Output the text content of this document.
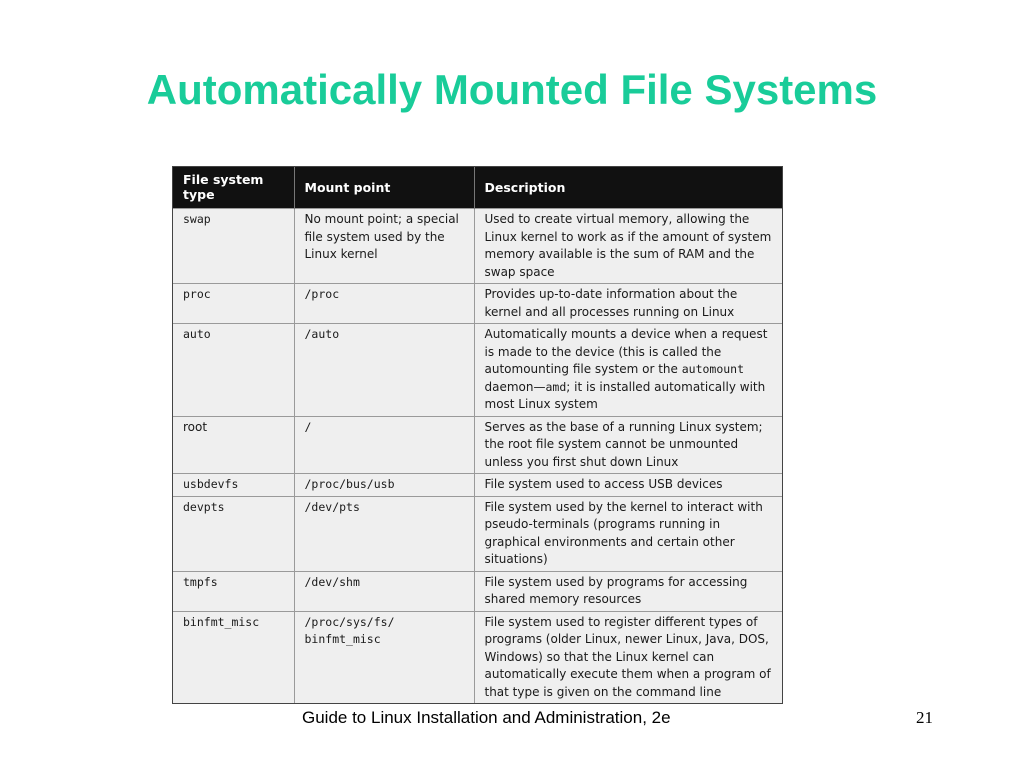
Automatically Mounted File Systems
File system type	Mount point	Description
swap	No mount point; a special file system used by the Linux kernel	Used to create virtual memory, allowing the Linux kernel to work as if the amount of system memory available is the sum of RAM and the swap space
proc	/proc	Provides up-to-date information about the kernel and all processes running on Linux
auto	/auto	Automatically mounts a device when a request is made to the device (this is called the automounting file system or the automount daemon—amd; it is installed automatically with most Linux system
root	/	Serves as the base of a running Linux system; the root file system cannot be unmounted unless you first shut down Linux
usbdevfs	/proc/bus/usb	File system used to access USB devices
devpts	/dev/pts	File system used by the kernel to interact with pseudo-terminals (programs running in graphical environments and certain other situations)
tmpfs	/dev/shm	File system used by programs for accessing shared memory resources
binfmt_misc	/proc/sys/fs/ binfmt_misc	File system used to register different types of programs (older Linux, newer Linux, Java, DOS, Windows) so that the Linux kernel can automatically execute them when a program of that type is given on the command line
Guide to Linux Installation and Administration, 2e	21
